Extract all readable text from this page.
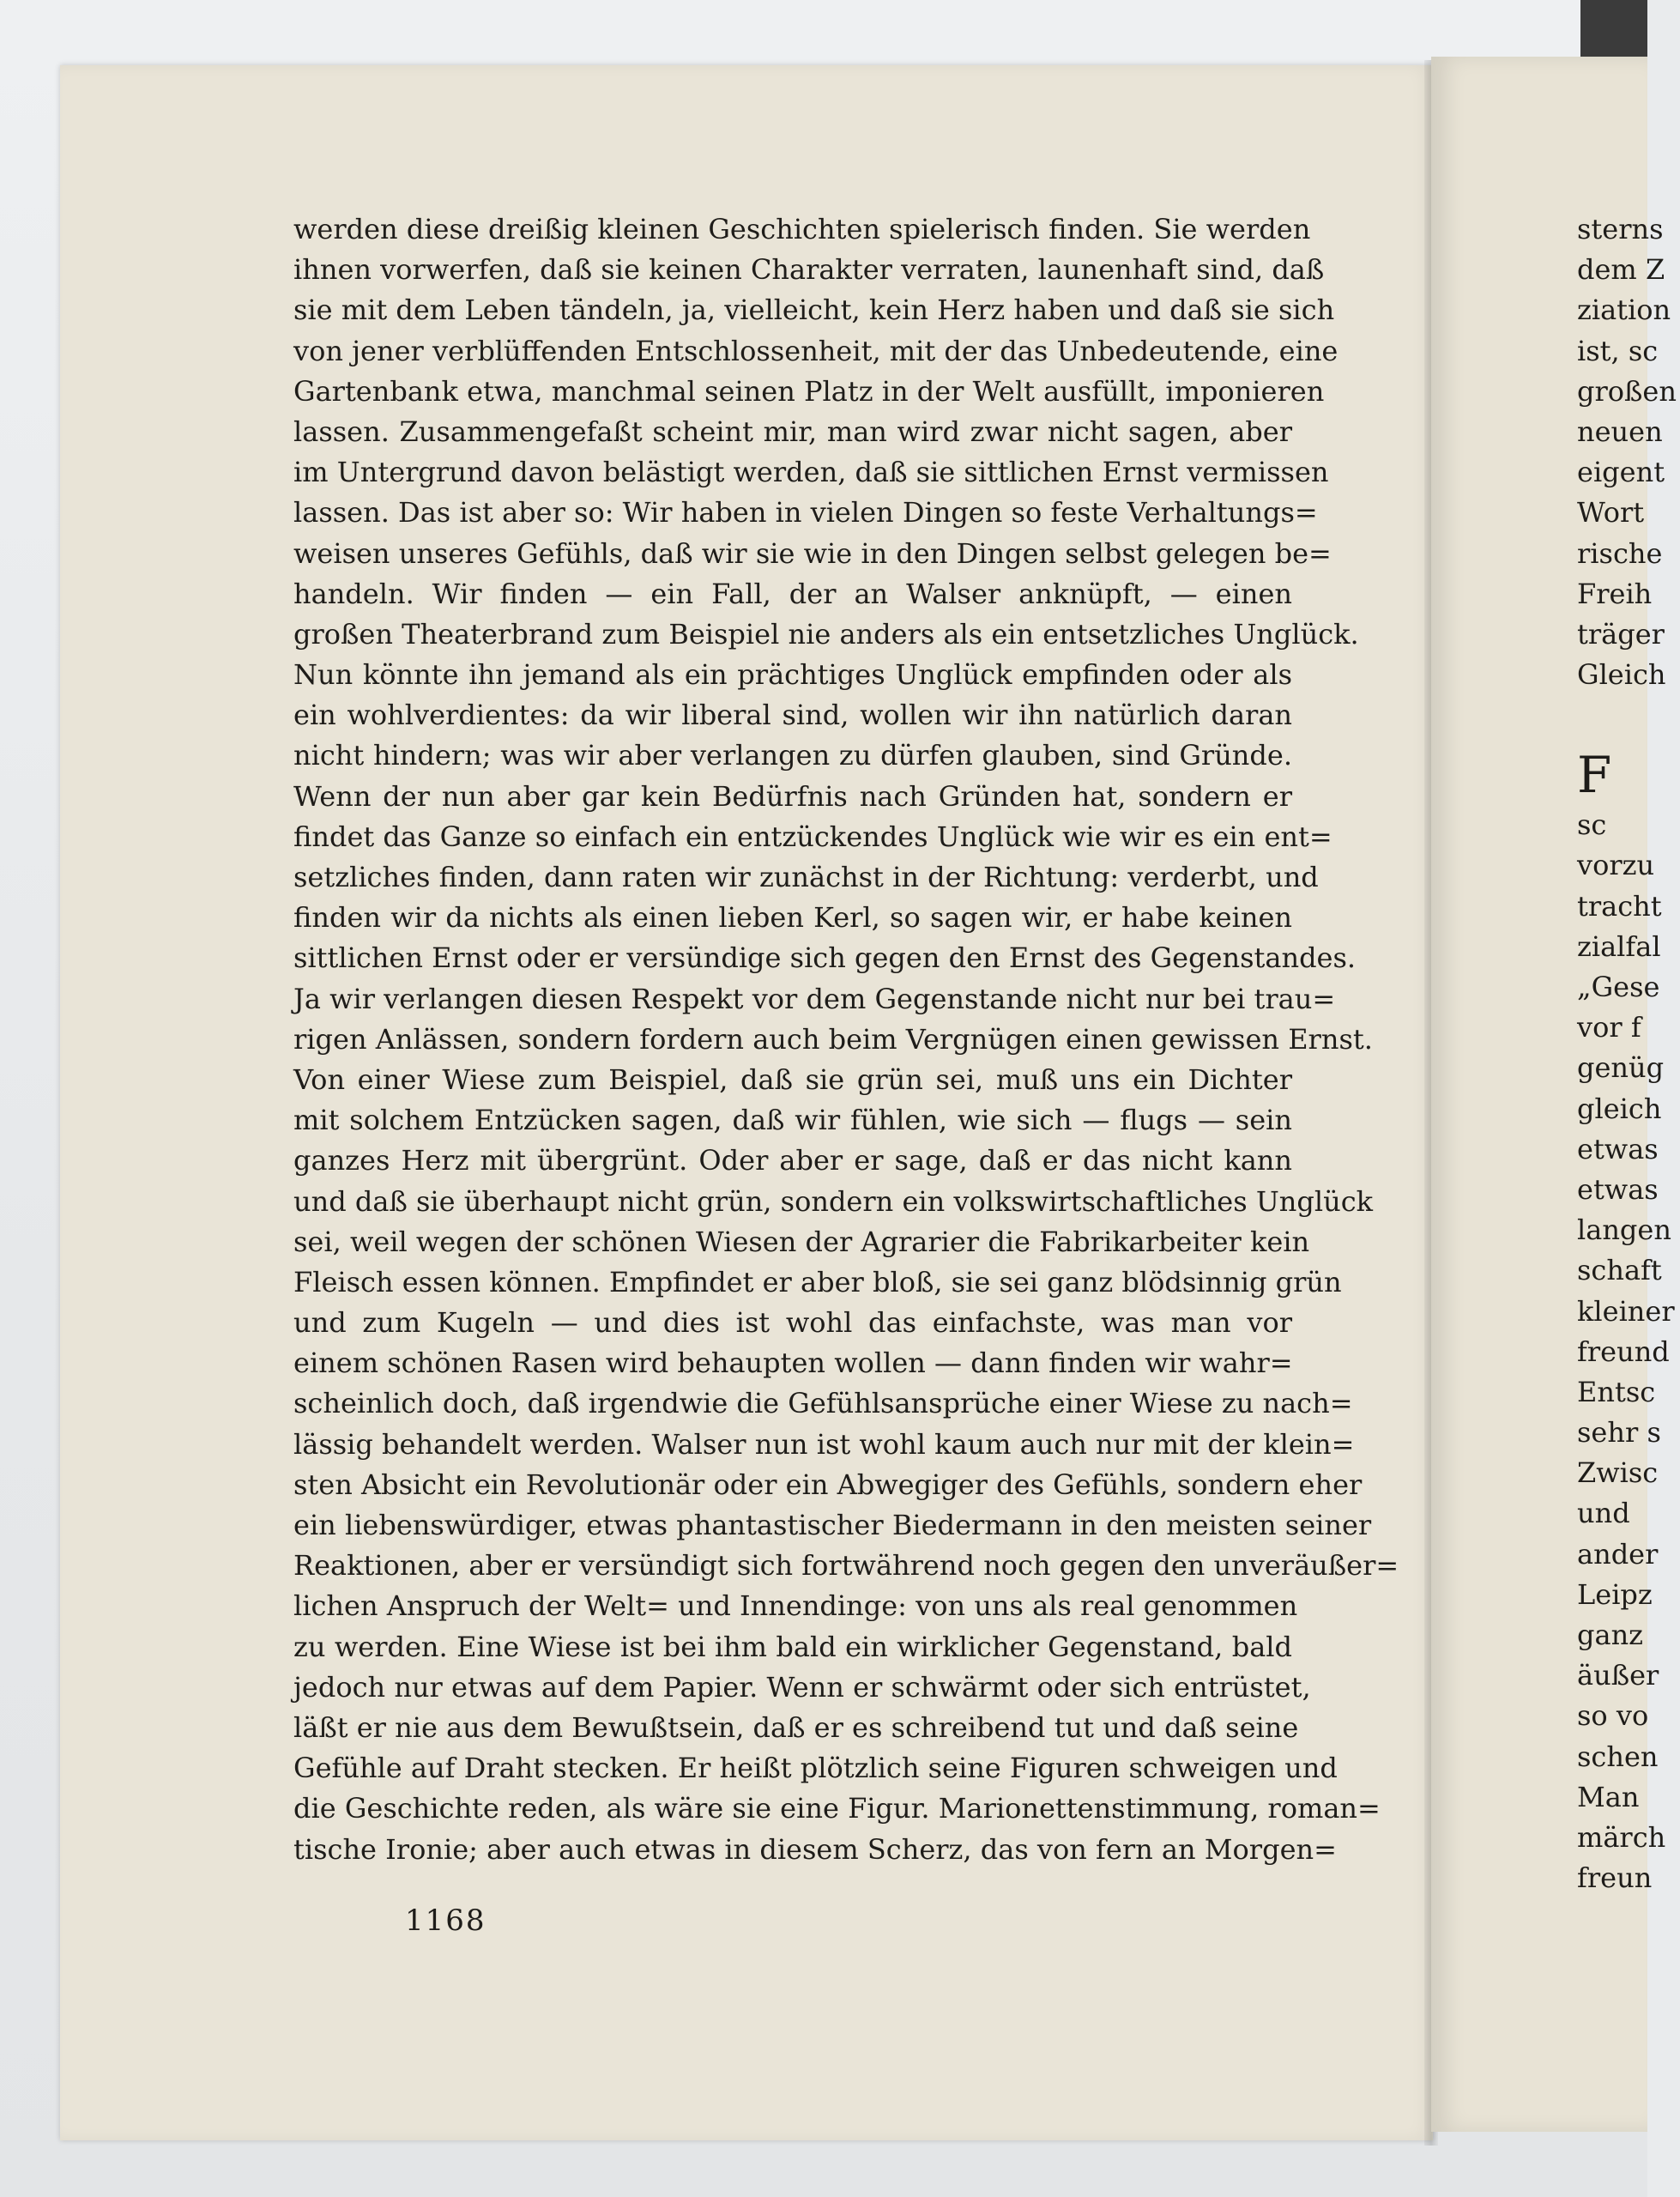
werden diese dreißig kleinen Geschichten spielerisch finden. Sie werden
ihnen vorwerfen, daß sie keinen Charakter verraten, launenhaft sind, daß
sie mit dem Leben tändeln, ja, vielleicht, kein Herz haben und daß sie sich
von jener verblüffenden Entschlossenheit, mit der das Unbedeutende, eine
Gartenbank etwa, manchmal seinen Platz in der Welt ausfüllt, imponieren
lassen. Zusammengefaßt scheint mir, man wird zwar nicht sagen, aber
im Untergrund davon belästigt werden, daß sie sittlichen Ernst vermissen
lassen. Das ist aber so: Wir haben in vielen Dingen so feste Verhaltungs=
weisen unseres Gefühls, daß wir sie wie in den Dingen selbst gelegen be=
handeln. Wir finden — ein Fall, der an Walser anknüpft, — einen
großen Theaterbrand zum Beispiel nie anders als ein entsetzliches Unglück.
Nun könnte ihn jemand als ein prächtiges Unglück empfinden oder als
ein wohlverdientes: da wir liberal sind, wollen wir ihn natürlich daran
nicht hindern; was wir aber verlangen zu dürfen glauben, sind Gründe.
Wenn der nun aber gar kein Bedürfnis nach Gründen hat, sondern er
findet das Ganze so einfach ein entzückendes Unglück wie wir es ein ent=
setzliches finden, dann raten wir zunächst in der Richtung: verderbt, und
finden wir da nichts als einen lieben Kerl, so sagen wir, er habe keinen
sittlichen Ernst oder er versündige sich gegen den Ernst des Gegenstandes.
Ja wir verlangen diesen Respekt vor dem Gegenstande nicht nur bei trau=
rigen Anlässen, sondern fordern auch beim Vergnügen einen gewissen Ernst.
Von einer Wiese zum Beispiel, daß sie grün sei, muß uns ein Dichter
mit solchem Entzücken sagen, daß wir fühlen, wie sich — flugs — sein
ganzes Herz mit übergrünt. Oder aber er sage, daß er das nicht kann
und daß sie überhaupt nicht grün, sondern ein volkswirtschaftliches Unglück
sei, weil wegen der schönen Wiesen der Agrarier die Fabrikarbeiter kein
Fleisch essen können. Empfindet er aber bloß, sie sei ganz blödsinnig grün
und zum Kugeln — und dies ist wohl das einfachste, was man vor
einem schönen Rasen wird behaupten wollen — dann finden wir wahr=
scheinlich doch, daß irgendwie die Gefühlsansprüche einer Wiese zu nach=
lässig behandelt werden. Walser nun ist wohl kaum auch nur mit der klein=
sten Absicht ein Revolutionär oder ein Abwegiger des Gefühls, sondern eher
ein liebenswürdiger, etwas phantastischer Biedermann in den meisten seiner
Reaktionen, aber er versündigt sich fortwährend noch gegen den unveräußer=
lichen Anspruch der Welt= und Innendinge: von uns als real genommen
zu werden. Eine Wiese ist bei ihm bald ein wirklicher Gegenstand, bald
jedoch nur etwas auf dem Papier. Wenn er schwärmt oder sich entrüstet,
läßt er nie aus dem Bewußtsein, daß er es schreibend tut und daß seine
Gefühle auf Draht stecken. Er heißt plötzlich seine Figuren schweigen und
die Geschichte reden, als wäre sie eine Figur. Marionettenstimmung, roman=
tische Ironie; aber auch etwas in diesem Scherz, das von fern an Morgen=
1168
sterns
dem Z
ziation
ist, sc
großen
neuen
eigent
Wort
rische
Freih
träger
Gleich
F
sc
vorzu
tracht
zialfal
„Gese
vor f
genüg
gleich
etwas
etwas
langen
schaft
kleiner
freund
Entsc
sehr s
Zwisc
und
ander
Leipz
ganz
äußer
so vo
schen
Man
märch
freun
